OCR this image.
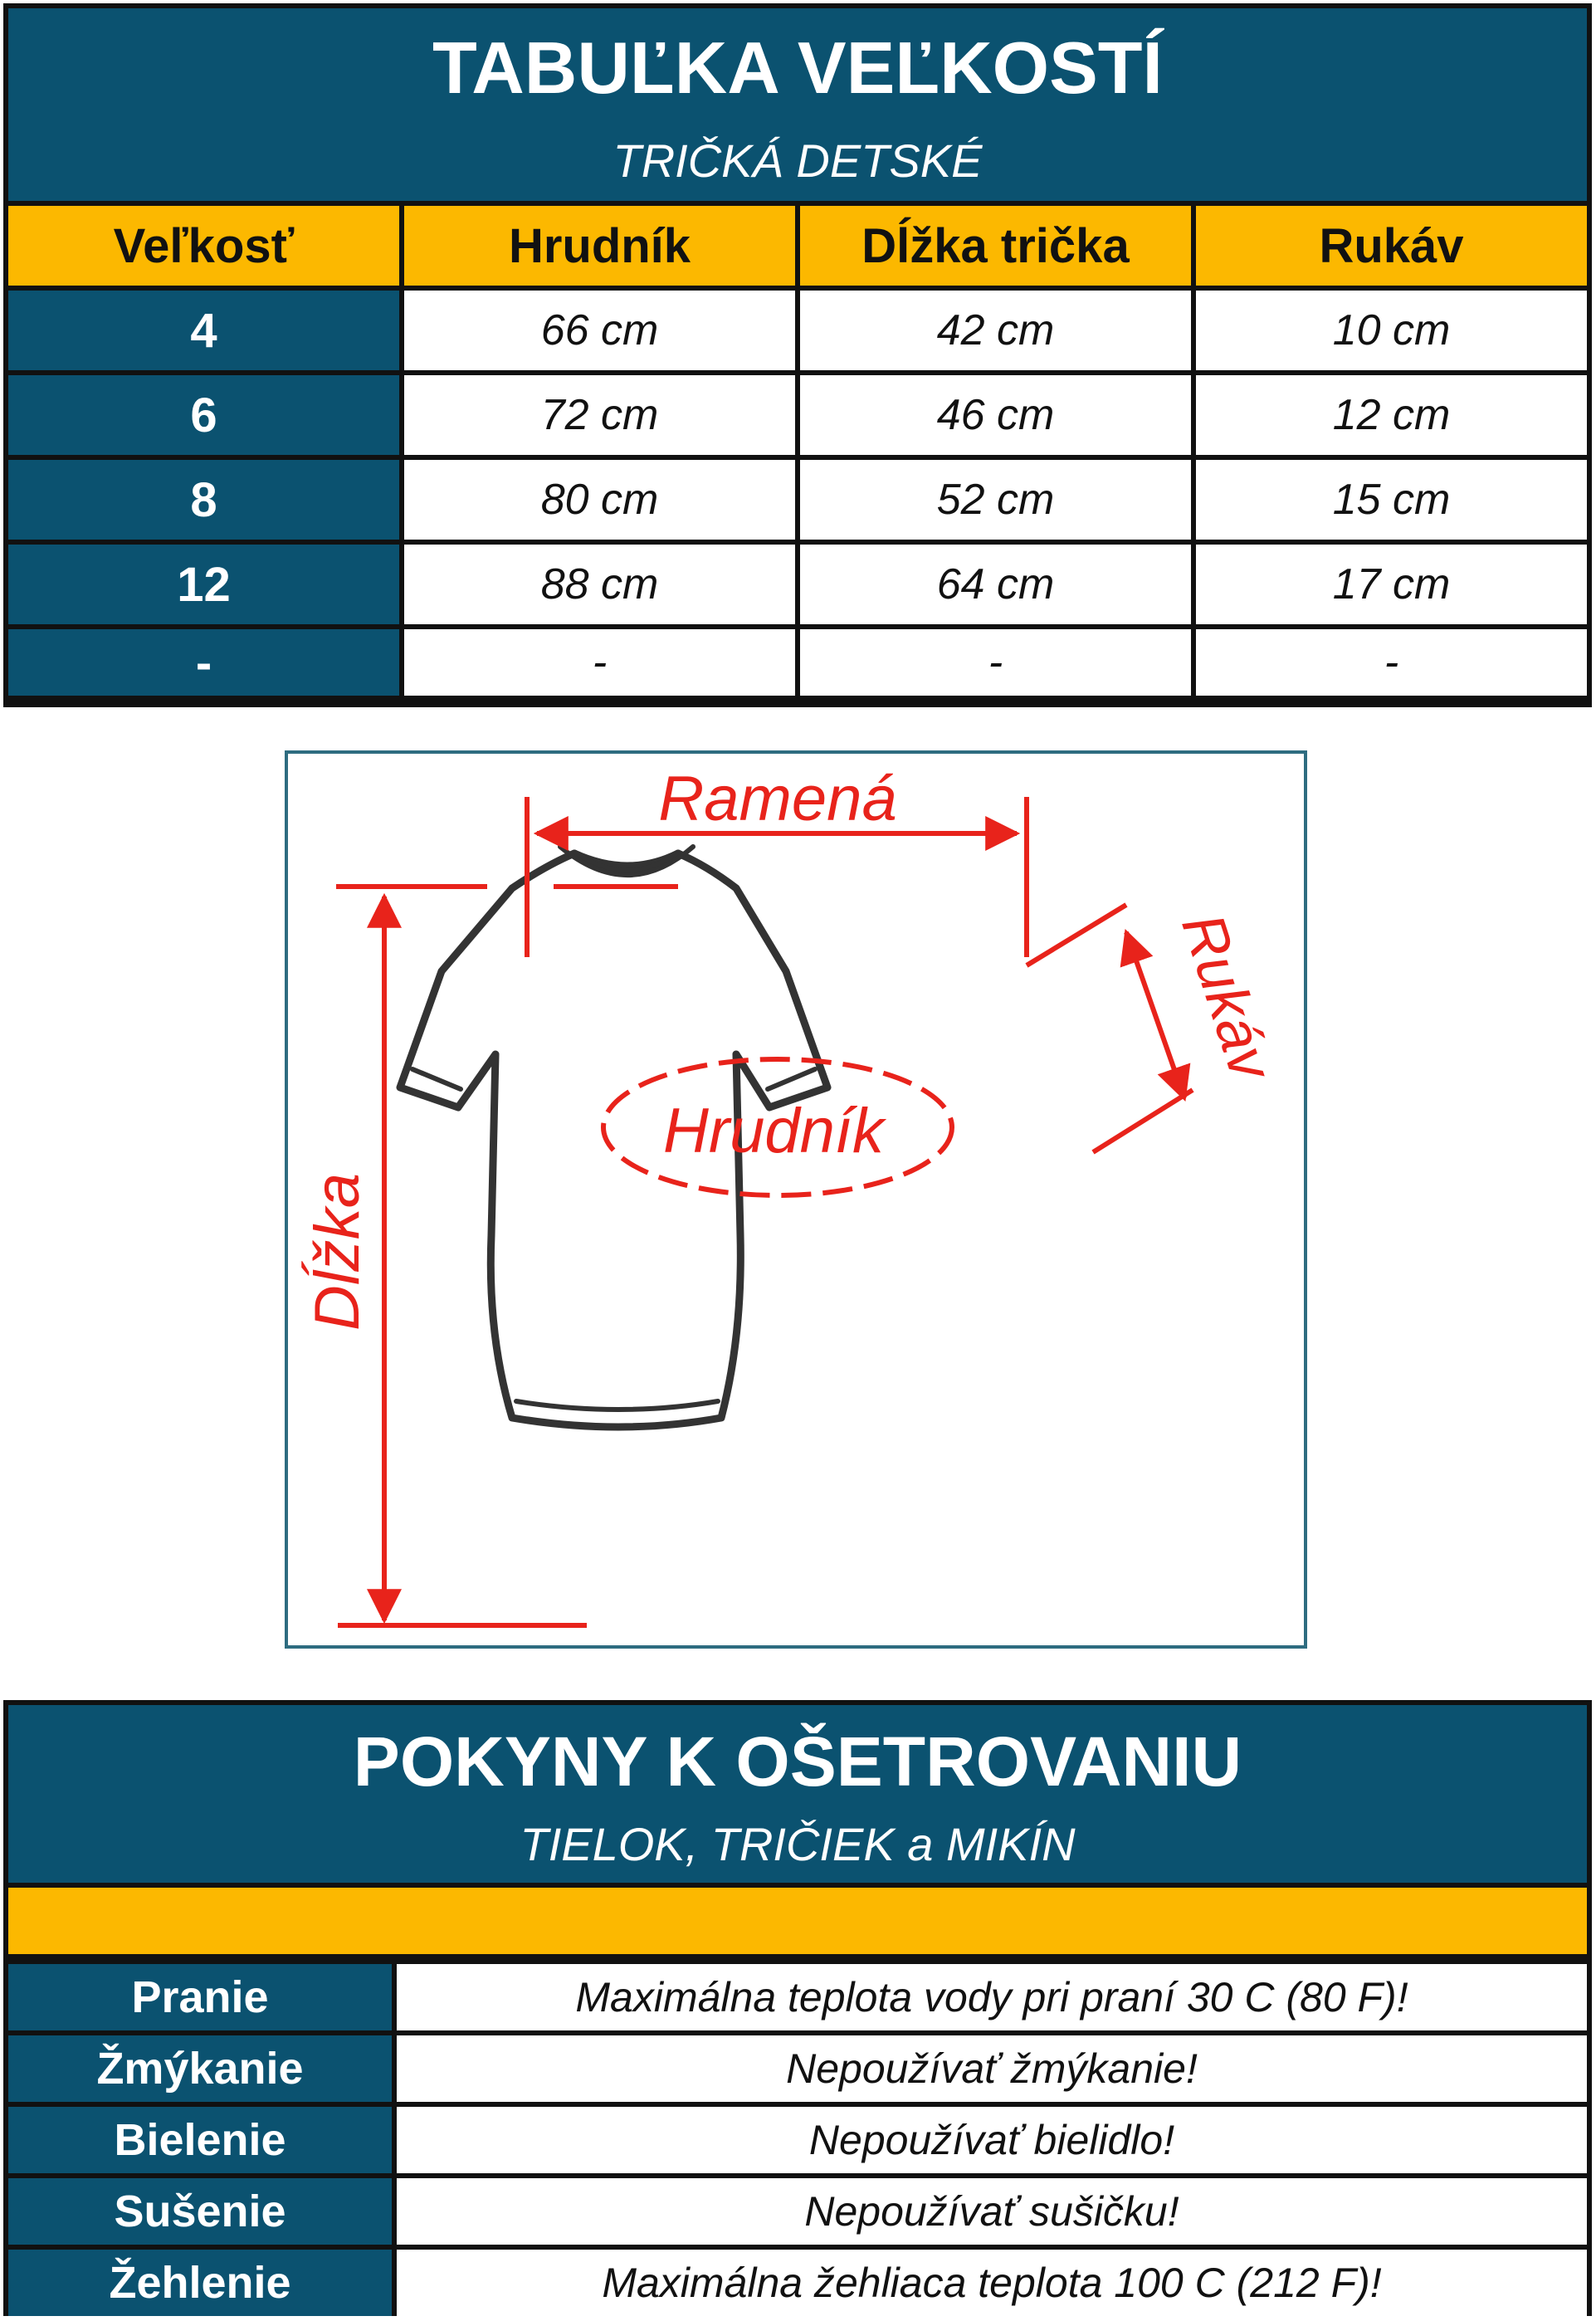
TABUĽKA VEĽKOSTÍ
TRIČKÁ DETSKÉ
Veľkosť	Hrudník	Dĺžka trička	Rukáv
4	66 cm	42 cm	10 cm
6	72 cm	46 cm	12 cm
8	80 cm	52 cm	15 cm
12	88 cm	64 cm	17 cm
-	-	-	-
Ramená
Hrudník
Rukáv
Dĺžka
POKYNY K OŠETROVANIU
TIELOK, TRIČIEK a MIKÍN
Pranie	Maximálna teplota vody pri praní 30 C (80 F)!
Žmýkanie	Nepoužívať žmýkanie!
Bielenie	Nepoužívať bielidlo!
Sušenie	Nepoužívať sušičku!
Žehlenie	Maximálna žehliaca teplota 100 C (212 F)!
